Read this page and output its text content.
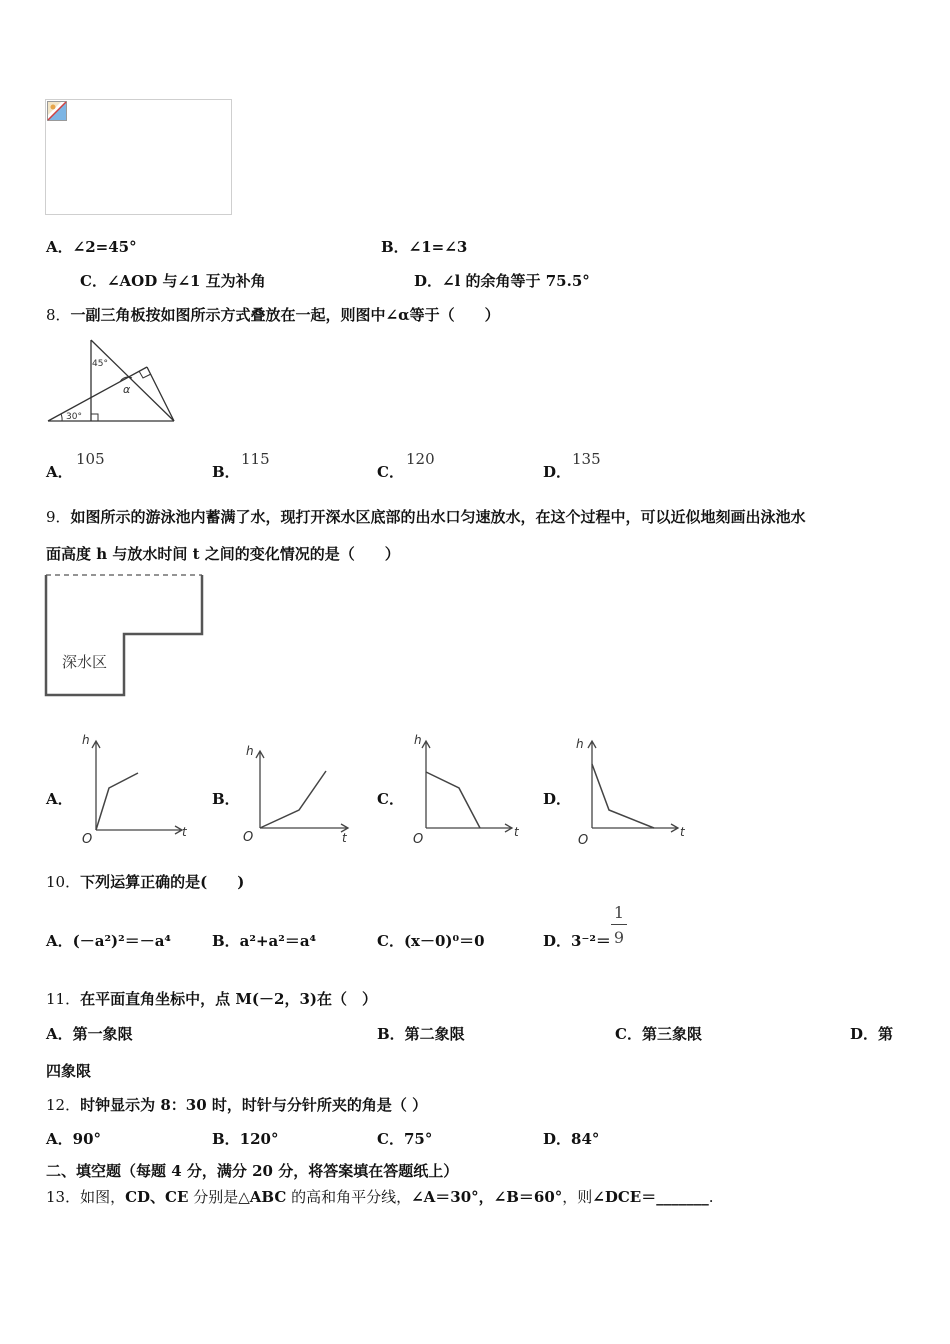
A．∠2=45°	B．∠1=∠3
C．∠AOD 与∠1 互为补角	D．∠l 的余角等于 75.5°
8．一副三角板按如图所示方式叠放在一起，则图中∠α等于（　　）
45°
30°
α
A．
105
B．
115
C．
120
D．
135
9．如图所示的游泳池内蓄满了水，现打开深水区底部的出水口匀速放水，在这个过程中，可以近似地刻画出泳池水
面高度 h 与放水时间 t 之间的变化情况的是（　　）
深水区
A．
h
t
O
B．
h
t
O
C．
h
t
O
D．
h
t
O
10．下列运算正确的是(　　)
A．(－a²)²＝－a⁴	B．a²+a²＝a⁴	C．(x－0)⁰＝0	D．3⁻²＝
1
9
11．在平面直角坐标中，点 M(－2，3)在（　）
A．第一象限	B．第二象限	C．第三象限	D．第
四象限
12．时钟显示为 8：30 时，时针与分针所夹的角是（ ）
A．90°	B．120°	C．75°	D．84°
二、填空题（每题 4 分，满分 20 分，将答案填在答题纸上）
13．如图，CD、CE 分别是△ABC 的高和角平分线，∠A＝30°，∠B＝60°，则∠DCE＝_______.
